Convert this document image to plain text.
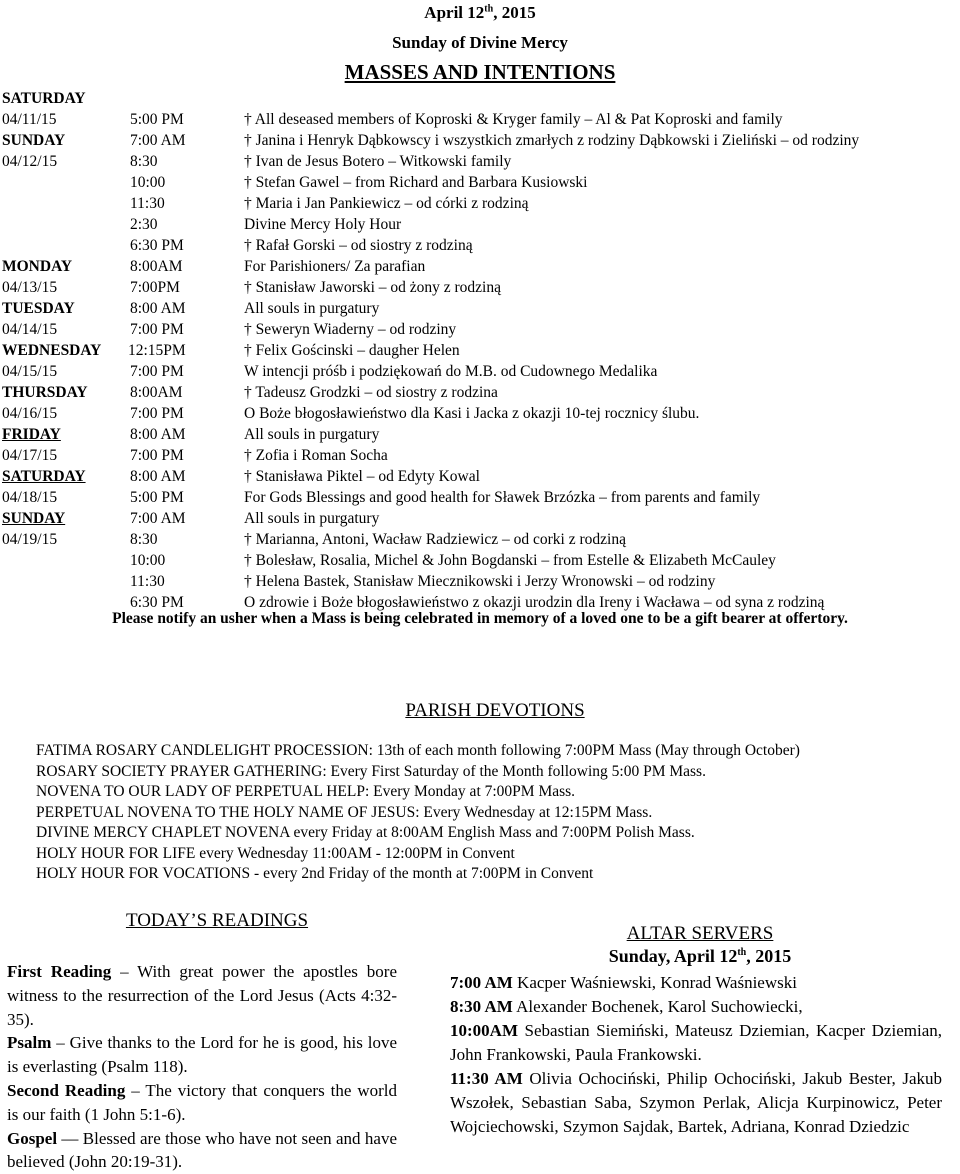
April 12th, 2015
Sunday of Divine Mercy
MASSES AND INTENTIONS
SATURDAY
04/11/15	5:00 PM	† All deseased members of Koproski & Kryger family – Al & Pat Koproski and family
SUNDAY	7:00 AM	† Janina i Henryk Dąbkowscy i wszystkich zmarłych z rodziny Dąbkowski i Zieliński – od rodziny
04/12/15	8:30	† Ivan de Jesus Botero – Witkowski family
10:00	† Stefan Gawel – from Richard and Barbara Kusiowski
11:30	† Maria i Jan Pankiewicz – od córki z rodziną
2:30	Divine Mercy Holy Hour
6:30 PM	† Rafał Gorski – od siostry z rodziną
MONDAY	8:00AM	For Parishioners/ Za parafian
04/13/15	7:00PM	† Stanisław Jaworski – od żony z rodziną
TUESDAY	8:00 AM	All souls in purgatury
04/14/15	7:00 PM	† Seweryn Wiaderny – od rodziny
WEDNESDAY 12:15PM	† Felix Gościnski – daugher Helen
04/15/15	7:00 PM	W intencji próśb i podziękowań do M.B. od Cudownego Medalika
THURSDAY	8:00AM	† Tadeusz Grodzki – od siostry z rodzina
04/16/15	7:00 PM	O Boże błogosławieństwo dla Kasi i Jacka z okazji 10-tej rocznicy ślubu.
FRIDAY	8:00 AM	All souls in purgatury
04/17/15	7:00 PM	† Zofia i Roman Socha
SATURDAY	8:00 AM	† Stanisława Piktel – od Edyty Kowal
04/18/15	5:00 PM	For Gods Blessings and good health for Sławek Brzózka – from parents and family
SUNDAY	7:00 AM	All souls in purgatury
04/19/15	8:30	† Marianna, Antoni, Wacław Radziewicz – od corki z rodziną
10:00	† Bolesław, Rosalia, Michel & John Bogdanski – from Estelle & Elizabeth McCauley
11:30	† Helena Bastek, Stanisław Miecznikowski i Jerzy Wronowski – od rodziny
6:30 PM	O zdrowie i Boże błogosławieństwo z okazji urodzin dla Ireny i Wacława – od syna z rodziną
Please notify an usher when a Mass is being celebrated in memory of a loved one to be a gift bearer at offertory.
PARISH DEVOTIONS
FATIMA ROSARY CANDLELIGHT PROCESSION: 13th of each month following 7:00PM Mass (May through October)
ROSARY SOCIETY PRAYER GATHERING: Every First Saturday of the Month following 5:00 PM Mass.
NOVENA TO OUR LADY OF PERPETUAL HELP: Every Monday at 7:00PM Mass.
PERPETUAL NOVENA TO THE HOLY NAME OF JESUS: Every Wednesday at 12:15PM Mass.
DIVINE MERCY CHAPLET NOVENA every Friday at 8:00AM English Mass and 7:00PM Polish Mass.
HOLY HOUR FOR LIFE every Wednesday 11:00AM - 12:00PM in Convent
HOLY HOUR FOR VOCATIONS - every 2nd Friday of the month at 7:00PM in Convent
TODAY’S READINGS

First Reading – With great power the apostles bore witness to the resurrection of the Lord Jesus (Acts 4:32-35).

Psalm – Give thanks to the Lord for he is good, his love is everlasting (Psalm 118).

Second Reading – The victory that conquers the world is our faith (1 John 5:1-6).

Gospel — Blessed are those who have not seen and have believed (John 20:19-31).

ALTAR SERVERS
Sunday, April 12th, 2015

7:00 AM Kacper Waśniewski, Konrad Waśniewski

8:30 AM Alexander Bochenek, Karol Suchowiecki,

10:00AM Sebastian Siemiński, Mateusz Dziemian, Kacper Dziemian, John Frankowski, Paula Frankowski.

11:30 AM Olivia Ochociński, Philip Ochociński, Jakub Bester, Jakub Wszołek, Sebastian Saba, Szymon Perlak, Alicja Kurpinowicz, Peter Wojciechowski, Szymon Sajdak, Bartek, Adriana, Konrad Dziedzic
